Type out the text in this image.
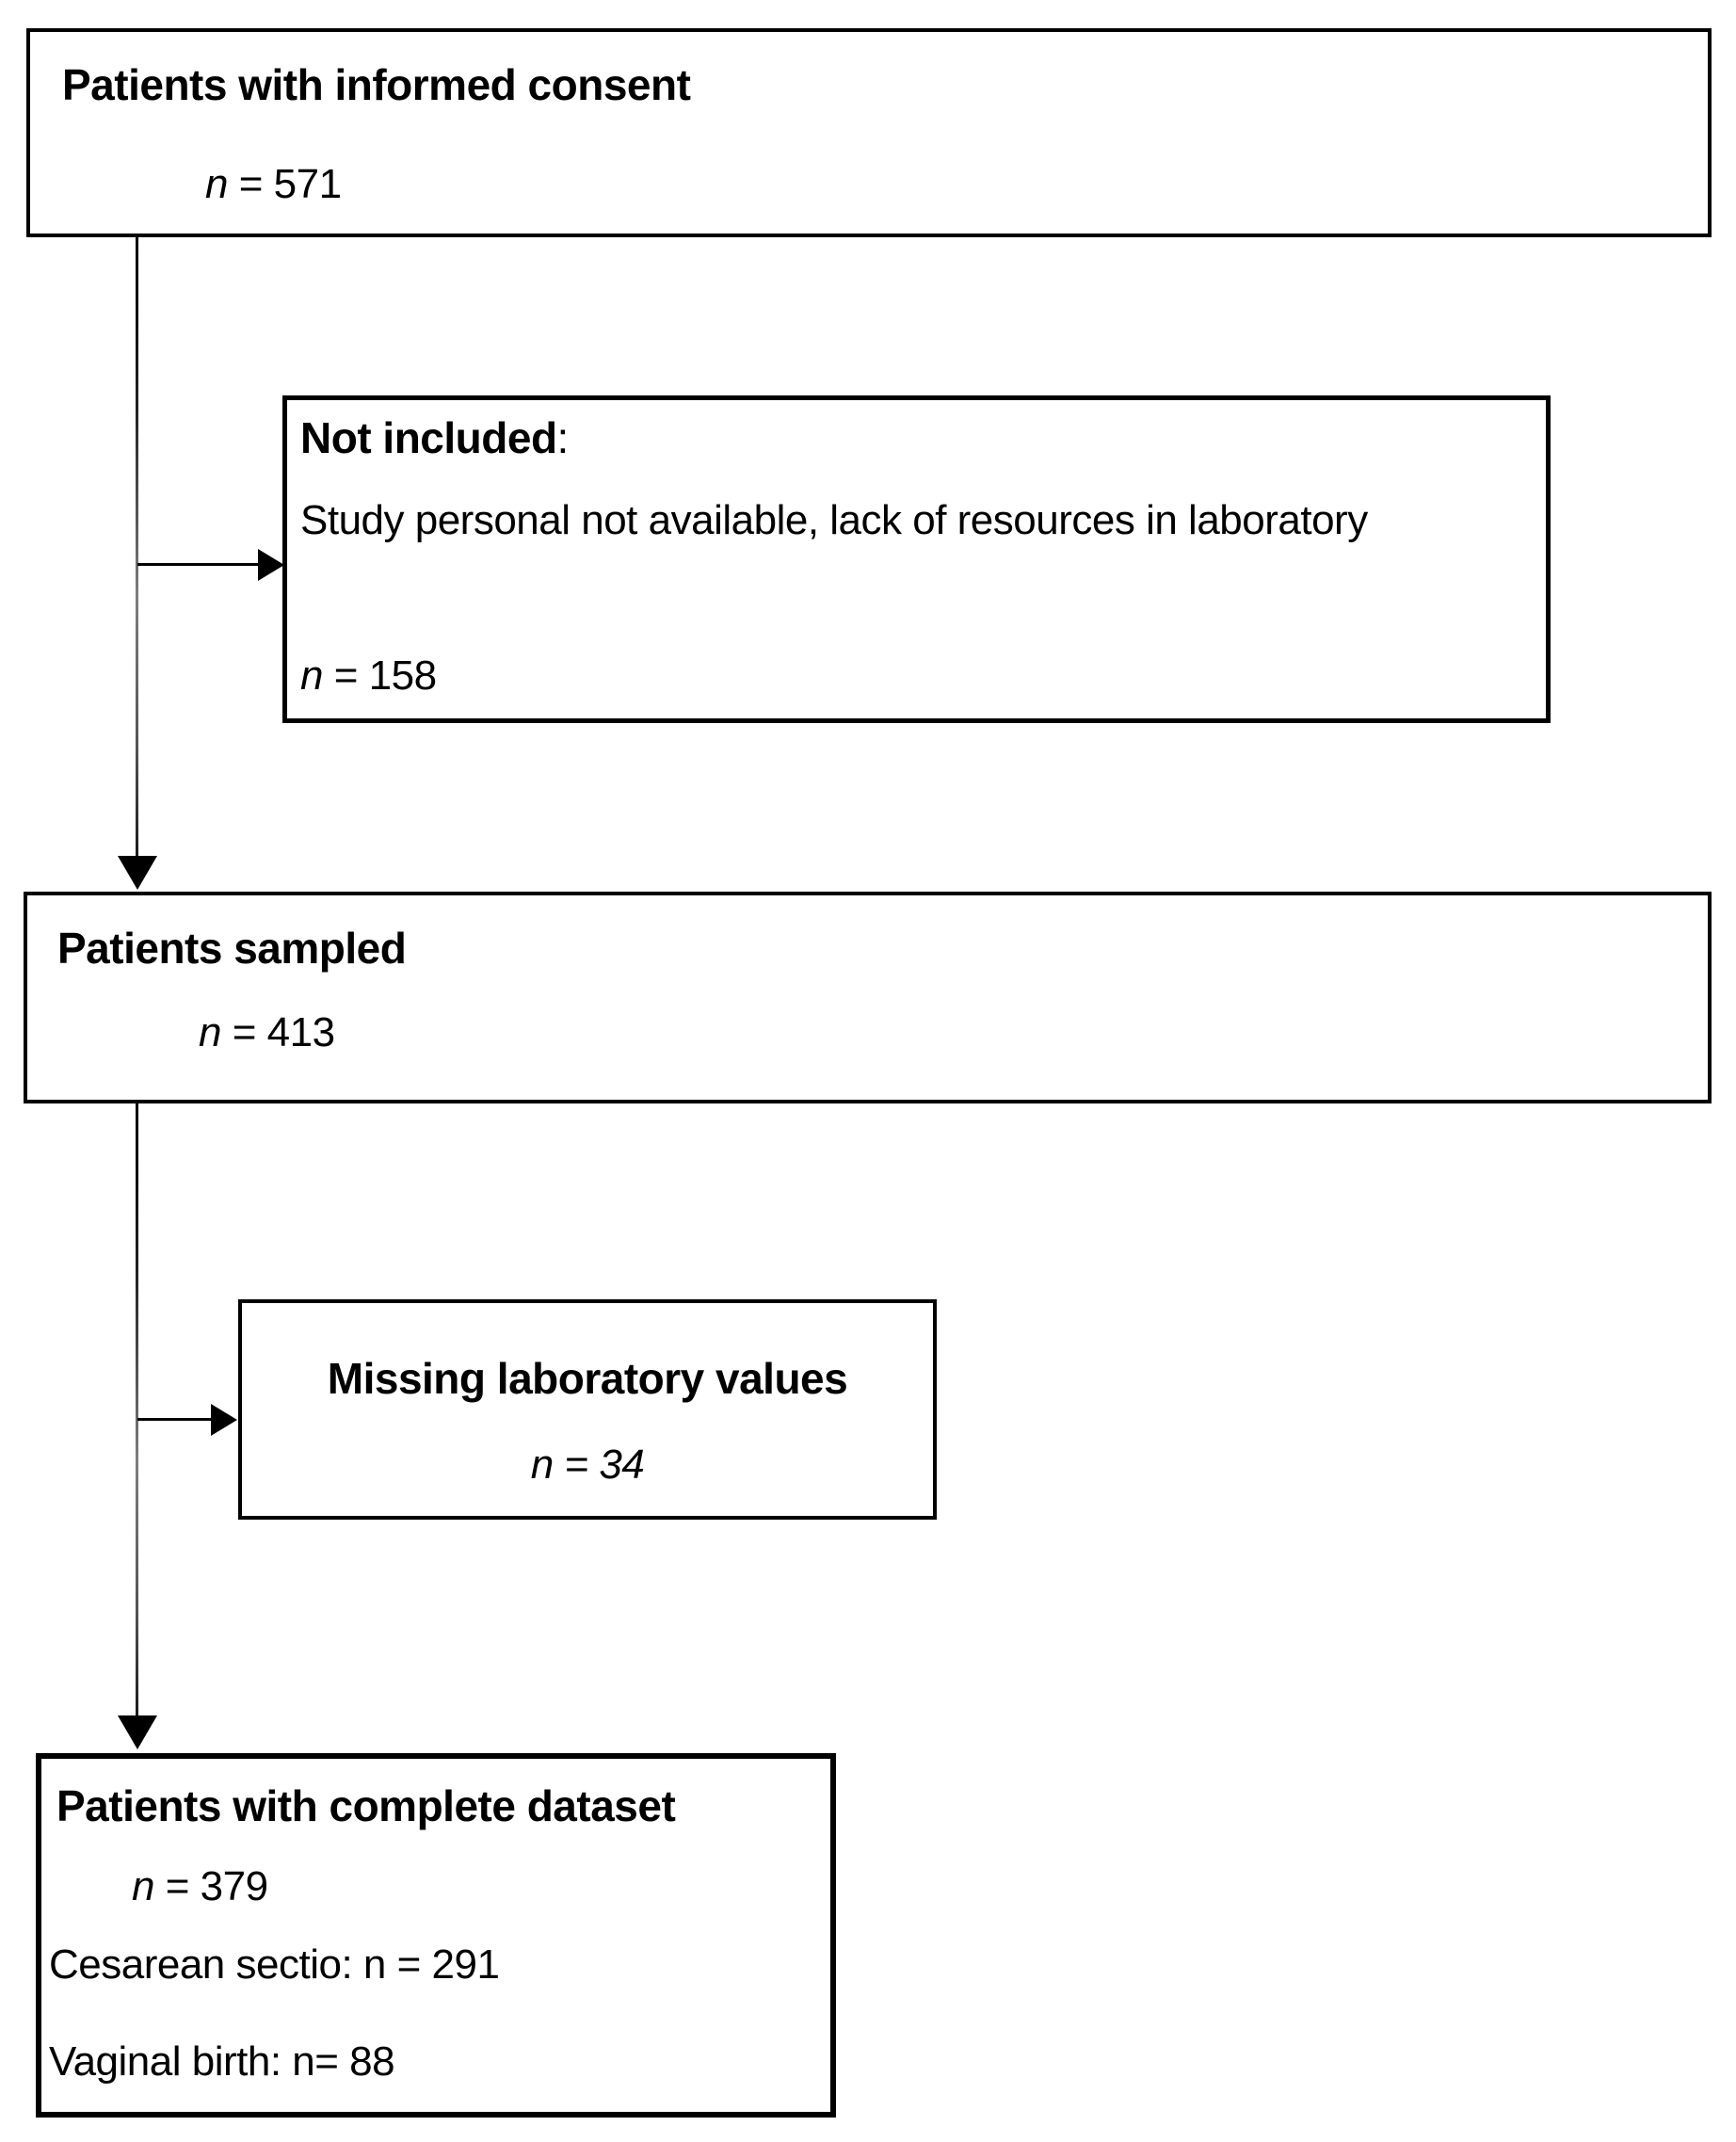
Patients with informed consent
n = 571
Not included:
Study personal not available, lack of resources in laboratory
n = 158
Patients sampled
n = 413
Missing laboratory values
n = 34
Patients with complete dataset
n = 379
Cesarean sectio: n = 291
Vaginal birth: n= 88
